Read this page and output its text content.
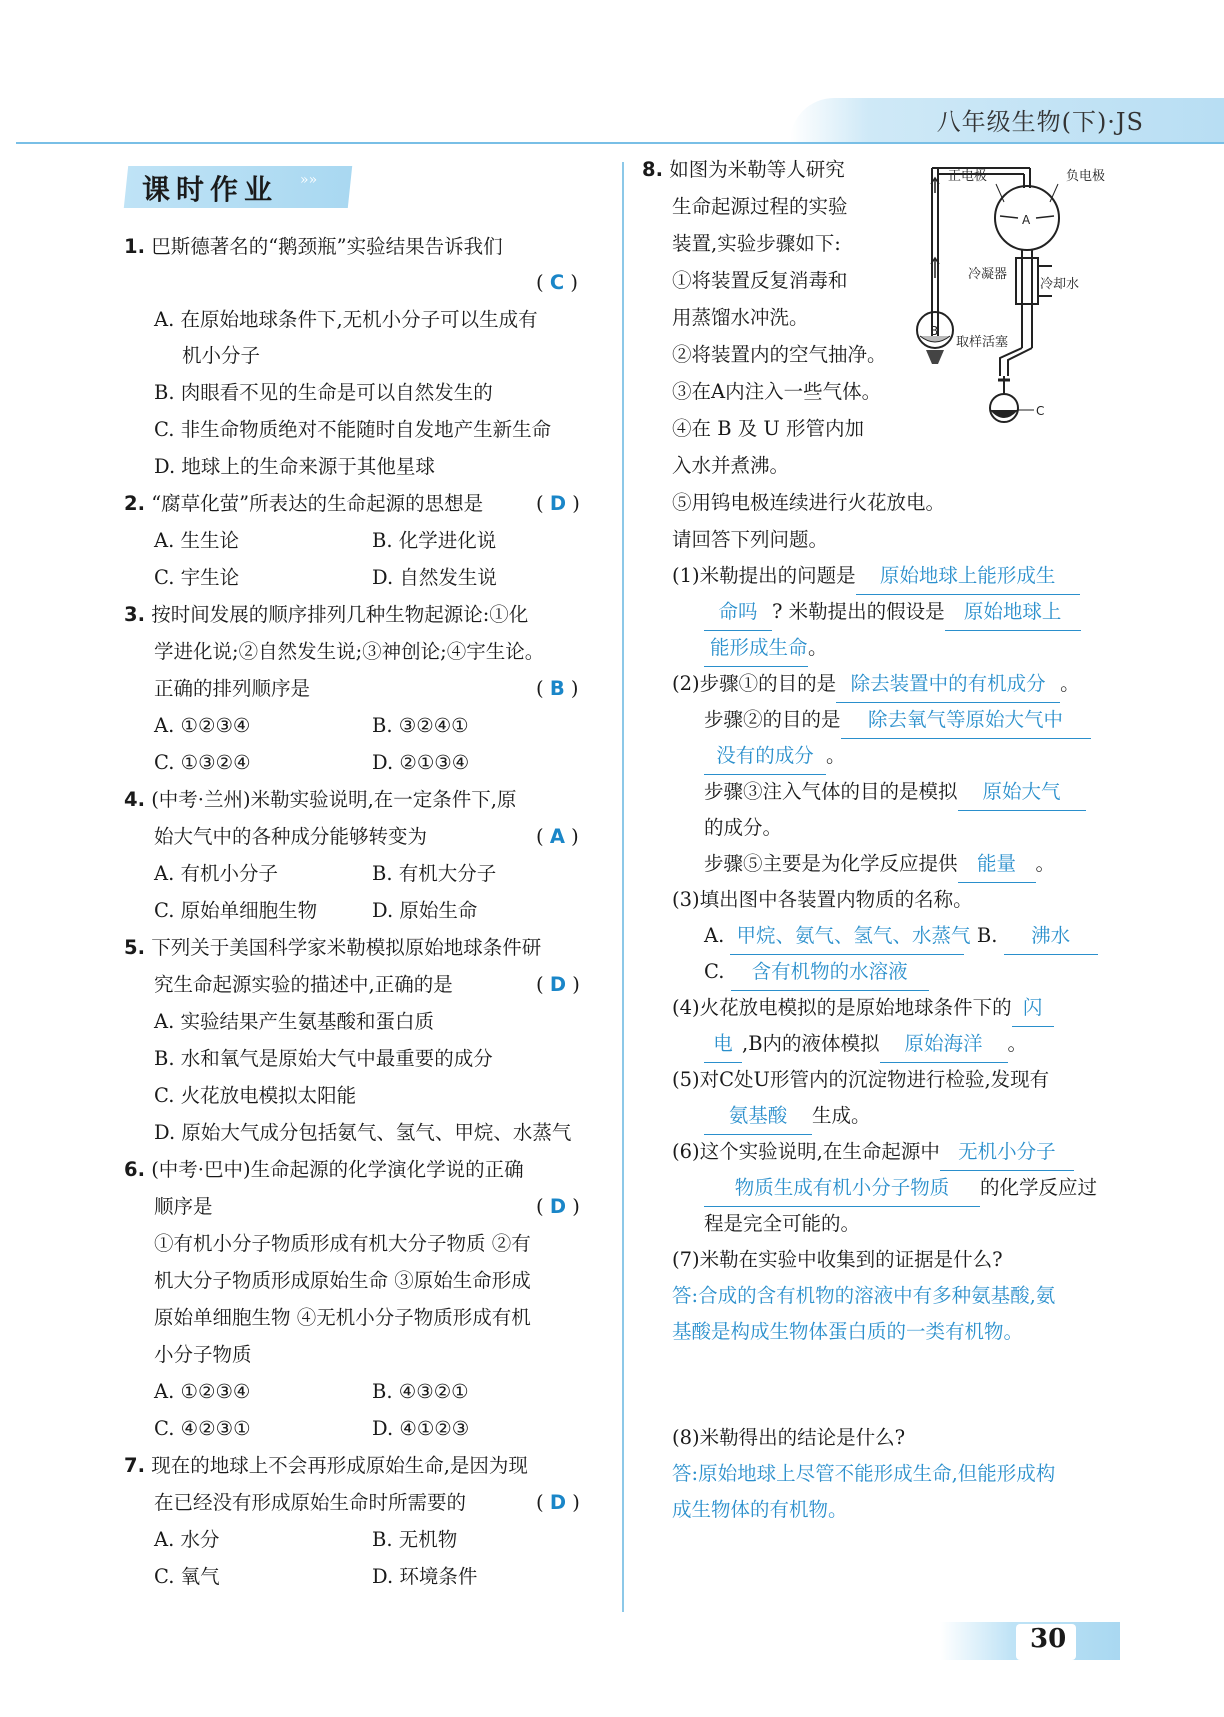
八年级生物(下)·JS
课时作业 »»
1. 巴斯德著名的“鹅颈瓶”实验结果告诉我们
( C )
A. 在原始地球条件下,无机小分子可以生成有
机小分子
B. 肉眼看不见的生命是可以自然发生的
C. 非生命物质绝对不能随时自发地产生新生命
D. 地球上的生命来源于其他星球
2. “腐草化萤”所表达的生命起源的思想是	( D )
A. 生生论	B. 化学进化说
C. 宇生论	D. 自然发生说
3. 按时间发展的顺序排列几种生物起源论:①化
学进化说;②自然发生说;③神创论;④宇生论。
正确的排列顺序是	( B )
A. ①②③④	B. ③②④①
C. ①③②④	D. ②①③④
4. (中考·兰州)米勒实验说明,在一定条件下,原
始大气中的各种成分能够转变为	( A )
A. 有机小分子	B. 有机大分子
C. 原始单细胞生物	D. 原始生命
5. 下列关于美国科学家米勒模拟原始地球条件研
究生命起源实验的描述中,正确的是	( D )
A. 实验结果产生氨基酸和蛋白质
B. 水和氧气是原始大气中最重要的成分
C. 火花放电模拟太阳能
D. 原始大气成分包括氨气、氢气、甲烷、水蒸气
6. (中考·巴中)生命起源的化学演化学说的正确
顺序是	( D )
①有机小分子物质形成有机大分子物质 ②有
机大分子物质形成原始生命 ③原始生命形成
原始单细胞生物 ④无机小分子物质形成有机
小分子物质
A. ①②③④	B. ④③②①
C. ④②③①	D. ④①②③
7. 现在的地球上不会再形成原始生命,是因为现
在已经没有形成原始生命时所需要的	( D )
A. 水分	B. 无机物
C. 氧气	D. 环境条件
8. 如图为米勒等人研究
生命起源过程的实验
装置,实验步骤如下:
①将装置反复消毒和
用蒸馏水冲洗。
②将装置内的空气抽净。
③在A内注入一些气体。
④在 B 及 U 形管内加
入水并煮沸。
⑤用钨电极连续进行火花放电。
请回答下列问题。
正电极	负电极
A
冷凝器
冷却水
B
取样活塞
C
(1)米勒提出的问题是 原始地球上能形成生
命吗 ? 米勒提出的假设是 原始地球上
能形成生命。
(2)步骤①的目的是 除去装置中的有机成分 。
步骤②的目的是 除去氧气等原始大气中
没有的成分 。
步骤③注入气体的目的是模拟 原始大气
的成分。
步骤⑤主要是为化学反应提供 能量 。
(3)填出图中各装置内物质的名称。
A. 甲烷、氨气、氢气、水蒸气 B. 沸水
C. 含有机物的水溶液
(4)火花放电模拟的是原始地球条件下的 闪
电 ,B内的液体模拟 原始海洋 。
(5)对C处U形管内的沉淀物进行检验,发现有
氨基酸 生成。
(6)这个实验说明,在生命起源中 无机小分子
物质生成有机小分子物质 的化学反应过
程是完全可能的。
(7)米勒在实验中收集到的证据是什么?
答:合成的含有机物的溶液中有多种氨基酸,氨
基酸是构成生物体蛋白质的一类有机物。
(8)米勒得出的结论是什么?
答:原始地球上尽管不能形成生命,但能形成构
成生物体的有机物。
30
